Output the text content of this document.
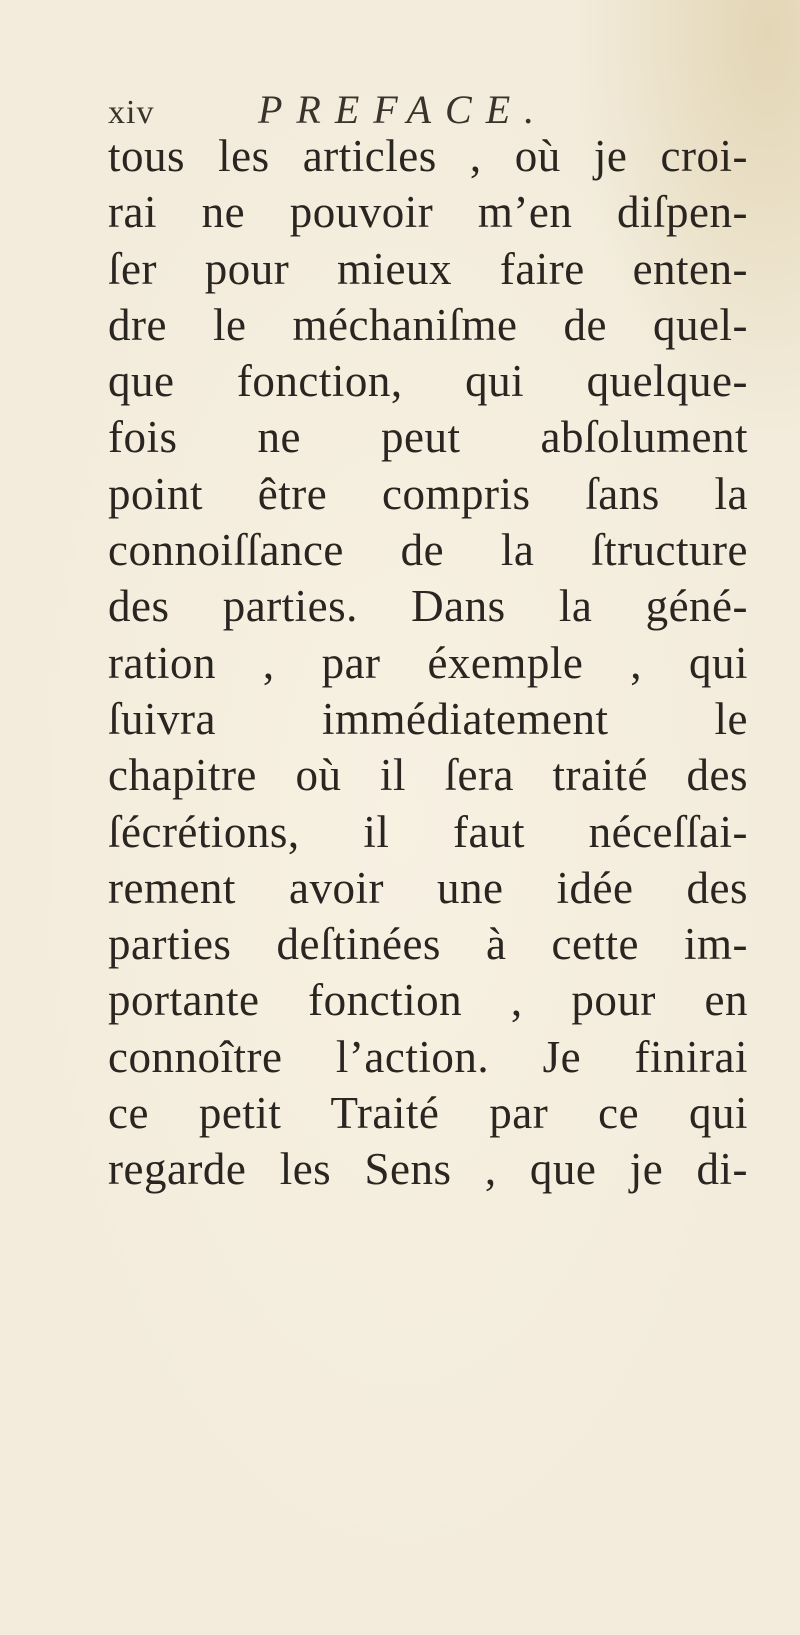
xiv	PREFACE.
tous les articles , où je croi-
rai ne pouvoir m’en diſpen-
ſer pour mieux faire enten-
dre le méchaniſme de quel-
que fonction, qui quelque-
fois ne peut abſolument
point être compris ſans la
connoiſſance de la ſtructure
des parties. Dans la géné-
ration , par éxemple , qui
ſuivra immédiatement le
chapitre où il ſera traité des
ſécrétions, il faut néceſſai-
rement avoir une idée des
parties deſtinées à cette im-
portante fonction , pour en
connoître l’action. Je finirai
ce petit Traité par ce qui
regarde les Sens , que je di-
